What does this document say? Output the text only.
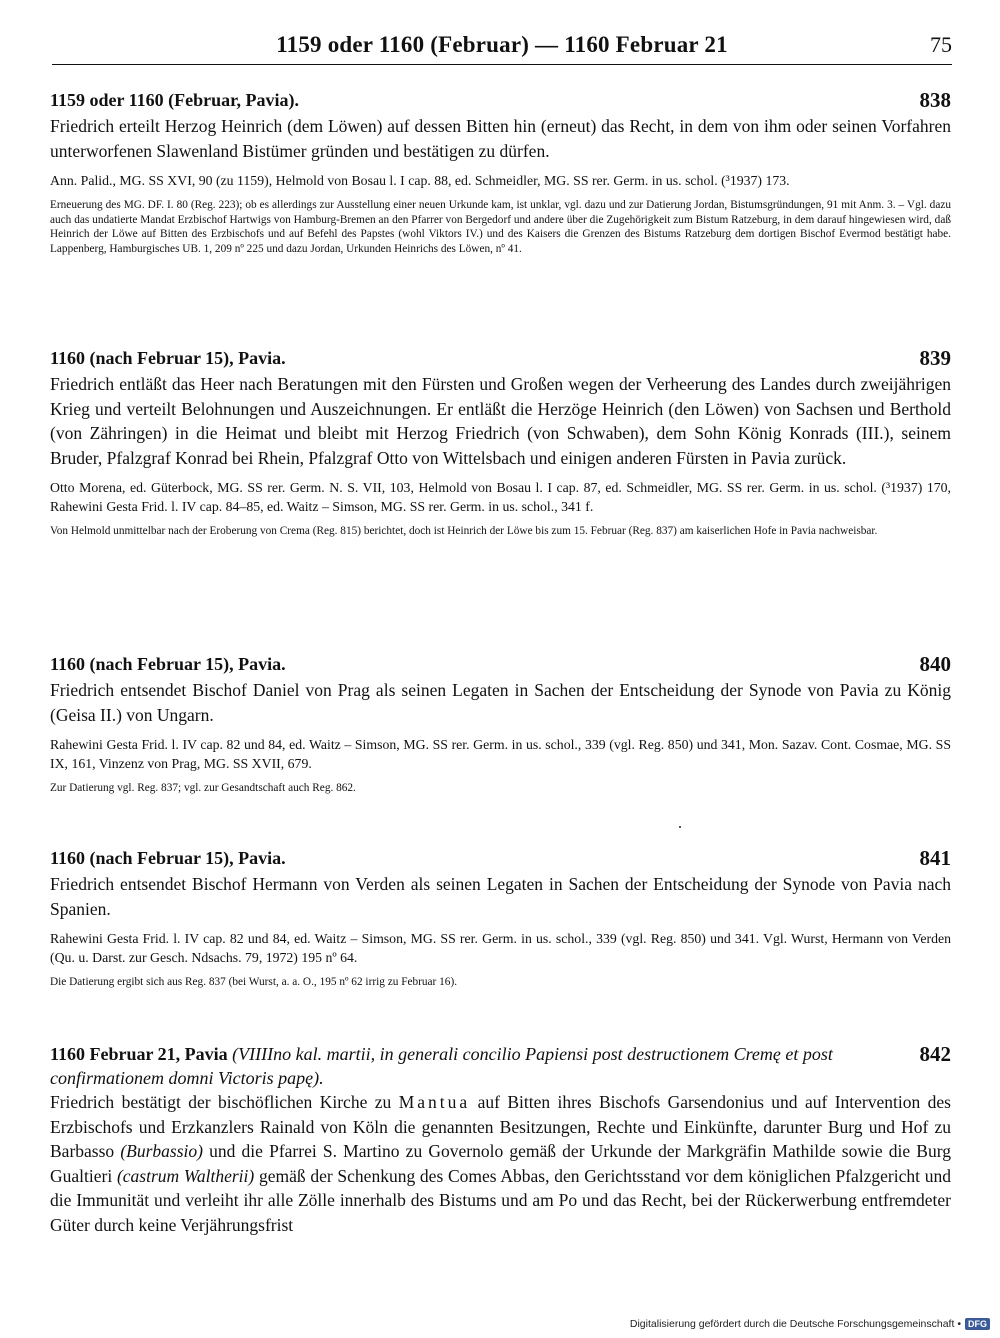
1159 oder 1160 (Februar) — 1160 Februar 21	75
1159 oder 1160 (Februar, Pavia).	838

Friedrich erteilt Herzog Heinrich (dem Löwen) auf dessen Bitten hin (erneut) das Recht, in dem von ihm oder seinen Vorfahren unterworfenen Slawenland Bistümer gründen und bestätigen zu dürfen.

Ann. Palid., MG. SS XVI, 90 (zu 1159), Helmold von Bosau l. I cap. 88, ed. Schmeidler, MG. SS rer. Germ. in us. schol. (³1937) 173.

Erneuerung des MG. DF. I. 80 (Reg. 223); ob es allerdings zur Ausstellung einer neuen Urkunde kam, ist unklar, vgl. dazu und zur Datierung Jordan, Bistumsgründungen, 91 mit Anm. 3. – Vgl. dazu auch das undatierte Mandat Erzbischof Hartwigs von Hamburg-Bremen an den Pfarrer von Bergedorf und andere über die Zugehörigkeit zum Bistum Ratzeburg, in dem darauf hingewiesen wird, daß Heinrich der Löwe auf Bitten des Erzbischofs und auf Befehl des Papstes (wohl Viktors IV.) und des Kaisers die Grenzen des Bistums Ratzeburg dem dortigen Bischof Evermod bestätigt habe. Lappenberg, Hamburgisches UB. 1, 209 nº 225 und dazu Jordan, Urkunden Heinrichs des Löwen, nº 41.

1160 (nach Februar 15), Pavia.	839

Friedrich entläßt das Heer nach Beratungen mit den Fürsten und Großen wegen der Verheerung des Landes durch zweijährigen Krieg und verteilt Belohnungen und Auszeichnungen. Er entläßt die Herzöge Heinrich (den Löwen) von Sachsen und Berthold (von Zähringen) in die Heimat und bleibt mit Herzog Friedrich (von Schwaben), dem Sohn König Konrads (III.), seinem Bruder, Pfalzgraf Konrad bei Rhein, Pfalzgraf Otto von Wittelsbach und einigen anderen Fürsten in Pavia zurück.

Otto Morena, ed. Güterbock, MG. SS rer. Germ. N. S. VII, 103, Helmold von Bosau l. I cap. 87, ed. Schmeidler, MG. SS rer. Germ. in us. schol. (³1937) 170, Rahewini Gesta Frid. l. IV cap. 84–85, ed. Waitz – Simson, MG. SS rer. Germ. in us. schol., 341 f.

Von Helmold unmittelbar nach der Eroberung von Crema (Reg. 815) berichtet, doch ist Heinrich der Löwe bis zum 15. Februar (Reg. 837) am kaiserlichen Hofe in Pavia nachweisbar.

1160 (nach Februar 15), Pavia.	840

Friedrich entsendet Bischof Daniel von Prag als seinen Legaten in Sachen der Entscheidung der Synode von Pavia zu König (Geisa II.) von Ungarn.

Rahewini Gesta Frid. l. IV cap. 82 und 84, ed. Waitz – Simson, MG. SS rer. Germ. in us. schol., 339 (vgl. Reg. 850) und 341, Mon. Sazav. Cont. Cosmae, MG. SS IX, 161, Vinzenz von Prag, MG. SS XVII, 679.

Zur Datierung vgl. Reg. 837; vgl. zur Gesandtschaft auch Reg. 862.

1160 (nach Februar 15), Pavia.	841

Friedrich entsendet Bischof Hermann von Verden als seinen Legaten in Sachen der Entscheidung der Synode von Pavia nach Spanien.

Rahewini Gesta Frid. l. IV cap. 82 und 84, ed. Waitz – Simson, MG. SS rer. Germ. in us. schol., 339 (vgl. Reg. 850) und 341. Vgl. Wurst, Hermann von Verden (Qu. u. Darst. zur Gesch. Ndsachs. 79, 1972) 195 nº 64.

Die Datierung ergibt sich aus Reg. 837 (bei Wurst, a. a. O., 195 nº 62 irrig zu Februar 16).

1160 Februar 21, Pavia (VIIIIno kal. martii, in generali concilio Papiensi post destructionem Cremę et post confirmationem domni Victoris papę).
842

Friedrich bestätigt der bischöflichen Kirche zu Mantua auf Bitten ihres Bischofs Garsendonius und auf Intervention des Erzbischofs und Erzkanzlers Rainald von Köln die genannten Besitzungen, Rechte und Einkünfte, darunter Burg und Hof zu Barbasso (Burbassio) und die Pfarrei S. Martino zu Governolo gemäß der Urkunde der Markgräfin Mathilde sowie die Burg Gualtieri (castrum Waltherii) gemäß der Schenkung des Comes Abbas, den Gerichtsstand vor dem königlichen Pfalzgericht und die Immunität und verleiht ihr alle Zölle innerhalb des Bistums und am Po und das Recht, bei der Rückerwerbung entfremdeter Güter durch keine Verjährungsfrist

Digitalisierung gefördert durch die Deutsche Forschungsgemeinschaft • DFG
